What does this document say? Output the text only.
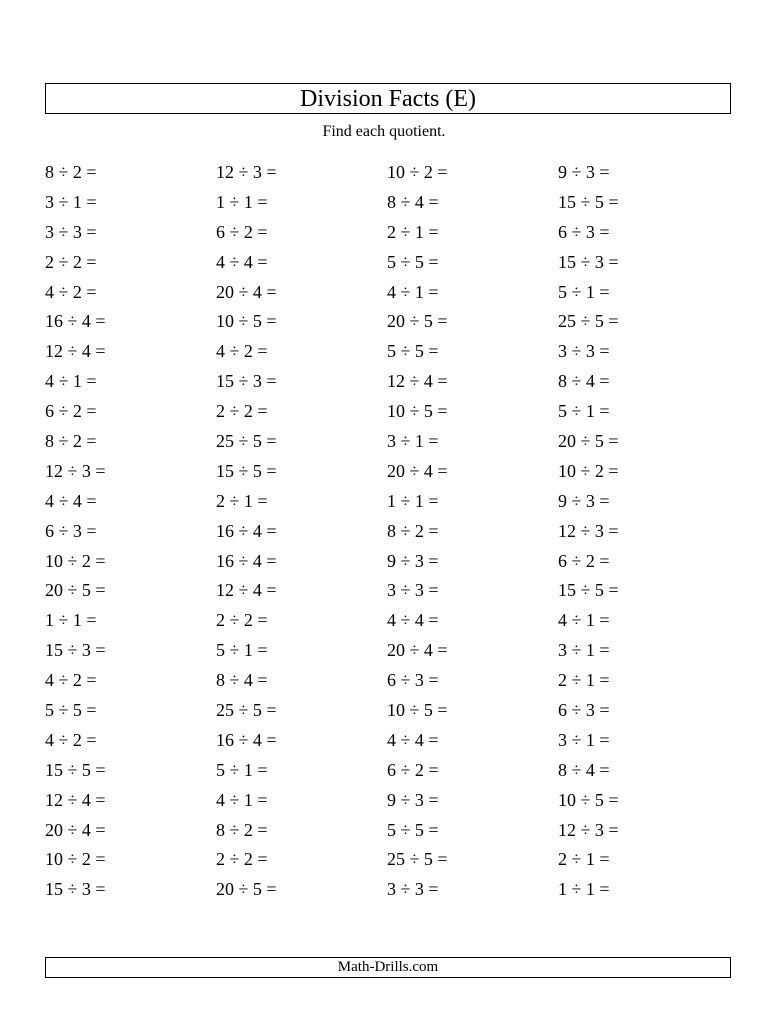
Division Facts (E)
Find each quotient.
8 ÷ 2 =	12 ÷ 3 =	10 ÷ 2 =	9 ÷ 3 =
3 ÷ 1 =	1 ÷ 1 =	8 ÷ 4 =	15 ÷ 5 =
3 ÷ 3 =	6 ÷ 2 =	2 ÷ 1 =	6 ÷ 3 =
2 ÷ 2 =	4 ÷ 4 =	5 ÷ 5 =	15 ÷ 3 =
4 ÷ 2 =	20 ÷ 4 =	4 ÷ 1 =	5 ÷ 1 =
16 ÷ 4 =	10 ÷ 5 =	20 ÷ 5 =	25 ÷ 5 =
12 ÷ 4 =	4 ÷ 2 =	5 ÷ 5 =	3 ÷ 3 =
4 ÷ 1 =	15 ÷ 3 =	12 ÷ 4 =	8 ÷ 4 =
6 ÷ 2 =	2 ÷ 2 =	10 ÷ 5 =	5 ÷ 1 =
8 ÷ 2 =	25 ÷ 5 =	3 ÷ 1 =	20 ÷ 5 =
12 ÷ 3 =	15 ÷ 5 =	20 ÷ 4 =	10 ÷ 2 =
4 ÷ 4 =	2 ÷ 1 =	1 ÷ 1 =	9 ÷ 3 =
6 ÷ 3 =	16 ÷ 4 =	8 ÷ 2 =	12 ÷ 3 =
10 ÷ 2 =	16 ÷ 4 =	9 ÷ 3 =	6 ÷ 2 =
20 ÷ 5 =	12 ÷ 4 =	3 ÷ 3 =	15 ÷ 5 =
1 ÷ 1 =	2 ÷ 2 =	4 ÷ 4 =	4 ÷ 1 =
15 ÷ 3 =	5 ÷ 1 =	20 ÷ 4 =	3 ÷ 1 =
4 ÷ 2 =	8 ÷ 4 =	6 ÷ 3 =	2 ÷ 1 =
5 ÷ 5 =	25 ÷ 5 =	10 ÷ 5 =	6 ÷ 3 =
4 ÷ 2 =	16 ÷ 4 =	4 ÷ 4 =	3 ÷ 1 =
15 ÷ 5 =	5 ÷ 1 =	6 ÷ 2 =	8 ÷ 4 =
12 ÷ 4 =	4 ÷ 1 =	9 ÷ 3 =	10 ÷ 5 =
20 ÷ 4 =	8 ÷ 2 =	5 ÷ 5 =	12 ÷ 3 =
10 ÷ 2 =	2 ÷ 2 =	25 ÷ 5 =	2 ÷ 1 =
15 ÷ 3 =	20 ÷ 5 =	3 ÷ 3 =	1 ÷ 1 =
Math-Drills.com
